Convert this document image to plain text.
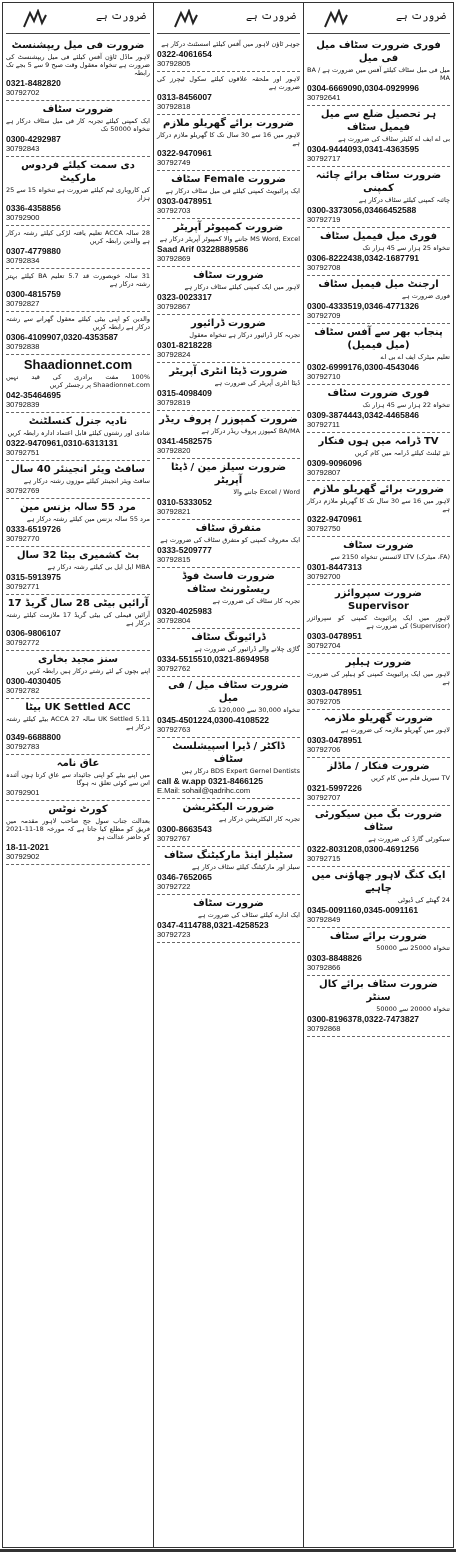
ضرورت ہے
ضرورت فی میل ریپشنسٹ
لاہور ماڈل ٹاؤن آفس کیلئے فی میل ریپشنسٹ کی ضرورت ہے تنخواہ معقول وقت صبح 9 سے 5 بجے تک رابطہ
0321-8482820
30792702
ضرورت سٹاف
ایک کمپنی کیلئے تجربہ کار فی میل سٹاف درکار ہے تنخواہ 50000 تک
0300-4292987
30792843
دی سمت کیلئے فردوس مارکیٹ
کی کاروباری ٹیم کیلئے ضرورت ہے تنخواہ 15 سے 25 ہزار
0336-4358856
30792900
28 سالہ ACCA تعلیم یافتہ لڑکی کیلئے رشتہ درکار ہے والدین رابطہ کریں
0307-4779880
30792834
31 سالہ خوبصورت قد 5.7 تعلیم BA کیلئے بہتر رشتہ درکار ہے
0300-4815759
30792827
والدین کو اپنی بیٹی کیلئے معقول گھرانے سے رشتہ درکار ہے رابطہ کریں
0306-4109907,0320-4353587
30792838
Shaadionnet.com
100% مفت برادری کی قید نہیں Shaadionnet.com پر رجسٹر کریں
042-35464695
30792839
نادیہ جنرل کنسلٹنٹ
شادی اور رشتوں کیلئے قابل اعتماد ادارہ رابطہ کریں
0322-9470961,0310-6313131
30792751
سافٹ ویئر انجینئر 40 سال
سافٹ ویئر انجینئر کیلئے موزوں رشتہ درکار ہے
30792769
مرد 55 سالہ بزنس مین
مرد 55 سالہ بزنس مین کیلئے رشتہ درکار ہے
0333-6519726
30792770
بٹ کشمیری بیٹا 32 سال
MBA ایل ایل بی کیلئے رشتہ درکار ہے
0315-5913975
30792771
آرائیں بیٹی 28 سال گریڈ 17
آرائیں فیملی کی بیٹی گریڈ 17 ملازمت کیلئے رشتہ درکار ہے
0306-9806107
30792772
سنز مجید بخاری
اپنے بچوں کے لئے رشتے درکار ہیں رابطہ کریں
0300-4030405
30792782
UK Settled ACC بیٹا
UK Settled 5.11 سالہ 27 ACCA بیٹے کیلئے رشتہ درکار ہے
0349-6688800
30792783
عاق نامہ
میں اپنے بیٹے کو اپنی جائیداد سے عاق کرتا ہوں آئندہ اس سے کوئی تعلق نہ ہوگا
30792901
کورٹ نوٹس
بعدالت جناب سول جج صاحب لاہور مقدمہ میں فریق کو مطلع کیا جاتا ہے کہ مورخہ 18-11-2021 کو حاضر عدالت ہو
18-11-2021
30792902
ضرورت ہے
جوہر ٹاؤن لاہور میں آفس کیلئے اسسٹنٹ درکار ہے
0322-4061654
30792805
لاہور اور ملحقہ علاقوں کیلئے سکول ٹیچرز کی ضرورت ہے
0313-8456007
30792818
ضرورت برائے گھریلو ملازم
لاہور میں 16 سے 30 سال تک کا گھریلو ملازم درکار ہے
0322-9470961
30792749
ضرورت Female سٹاف
ایک پرائیویٹ کمپنی کیلئے فی میل سٹاف درکار ہے
0303-0478951
30792703
ضرورت کمپیوٹر آپریٹر
MS Word, Excel جاننے والا کمپیوٹر آپریٹر درکار ہے
Saad Arif 03228889586
30792869
ضرورت سٹاف
لاہور میں ایک کمپنی کیلئے سٹاف درکار ہے
0323-0023317
30792867
ضرورت ڈرائیور
تجربہ کار ڈرائیور درکار ہے تنخواہ معقول
0301-8218228
30792824
ضرورت ڈیٹا انٹری آپریٹر
ڈیٹا انٹری آپریٹر کی ضرورت ہے
0315-4098409
30792819
ضرورت کمپوزر / پروف ریڈر
BA/MA کمپوزر پروف ریڈر درکار ہے
0341-4582575
30792820
ضرورت سیلز مین / ڈیٹا آپریٹر
Excel / Word جاننے والا
0310-5333052
30792821
متفرق سٹاف
ایک معروف کمپنی کو متفرق سٹاف کی ضرورت ہے
0333-5209777
30792815
ضرورت فاسٹ فوڈ ریسٹورنٹ سٹاف
تجربہ کار سٹاف کی ضرورت ہے
0320-4025983
30792804
ڈرائیونگ سٹاف
گاڑی چلانے والے ڈرائیور کی ضرورت ہے
0334-5515510,0321-8694958
30792762
ضرورت سٹاف میل / فی میل
تنخواہ 30,000 سے 120,000 تک
0345-4501224,0300-4108522
30792763
ڈاکٹر / ڈیرا اسپیشلسٹ سٹاف
BDS Expert Gernel Dentists درکار ہیں
call & w.app 0321-8466125
E.Mail: sohail@qadrihc.com
ضرورت الیکٹریشن
تجربہ کار الیکٹریشن درکار ہے
0300-8663543
30792767
سٹیلز اینڈ مارکیٹنگ سٹاف
سیلز اور مارکیٹنگ کیلئے سٹاف درکار ہے
0346-7652065
30792722
ضرورت سٹاف
ایک ادارے کیلئے سٹاف کی ضرورت ہے
0347-4114788,0321-4258523
30792723
ضرورت ہے
فوری ضرورت سٹاف میل فی میل
میل فی میل سٹاف کیلئے آفس میں ضرورت ہے BA / MA
0304-6669090,0304-0929996
30792641
ہر تحصیل ضلع سے میل فیمیل سٹاف
بی اے ایف اے کلیئر سٹاف کی ضرورت ہے
0304-9444093,0341-4363595
30792717
ضرورت سٹاف برائے چائنہ کمپنی
چائنہ کمپنی کیلئے سٹاف درکار ہے
0300-3373056,03466452588
30792719
فوری میل فیمیل سٹاف
تنخواہ 25 ہزار سے 45 ہزار تک
0306-8222438,0342-1687791
30792708
ارجنٹ میل فیمیل سٹاف
فوری ضرورت ہے
0300-4333519,0346-4771326
30792709
پنجاب بھر سے آفس سٹاف (میل فیمیل)
تعلیم میٹرک ایف اے بی اے
0302-6999176,0300-4543046
30792710
فوری ضرورت سٹاف
تنخواہ 22 ہزار سے 45 ہزار تک
0309-3874443,0342-4465846
30792711
TV ڈرامہ میں ہوں فنکار
نئے ٹیلنٹ کیلئے ڈرامہ میں کام کریں
0309-9096096
30792807
ضرورت برائے گھریلو ملازم
لاہور میں 16 سے 30 سال تک کا گھریلو ملازم درکار ہے
0322-9470961
30792750
ضرورت سٹاف
(FA، میٹرک) LTV لائسنس تنخواہ 2150 سے
0301-8447313
30792700
ضرورت سپروائزر Supervisor
لاہور میں ایک پرائیویٹ کمپنی کو سپروائزر (Supervisor) کی ضرورت ہے
0303-0478951
30792704
ضرورت ہیلپر
لاہور میں ایک پرائیویٹ کمپنی کو ہیلپر کی ضرورت ہے
0303-0478951
30792705
ضرورت گھریلو ملازمہ
لاہور میں گھریلو ملازمہ کی ضرورت ہے
0303-0478951
30792706
ضرورت فنکار / ماڈلز
TV سیریل فلم میں کام کریں
0321-5997226
30792707
ضرورت بگ مین سیکورٹی سٹاف
سیکورٹی گارڈ کی ضرورت ہے
0322-8031208,0300-4691256
30792715
ایک کنگ لاہور چھاؤنی میں چاہیے
24 گھنٹے کی ڈیوٹی
0345-0091160,0345-0091161
30792849
ضرورت برائے سٹاف
تنخواہ 25000 سے 50000
0303-8848826
30792866
ضرورت سٹاف برائے کال سنٹر
تنخواہ 20000 سے 50000
0300-8196378,0322-7473827
30792868
